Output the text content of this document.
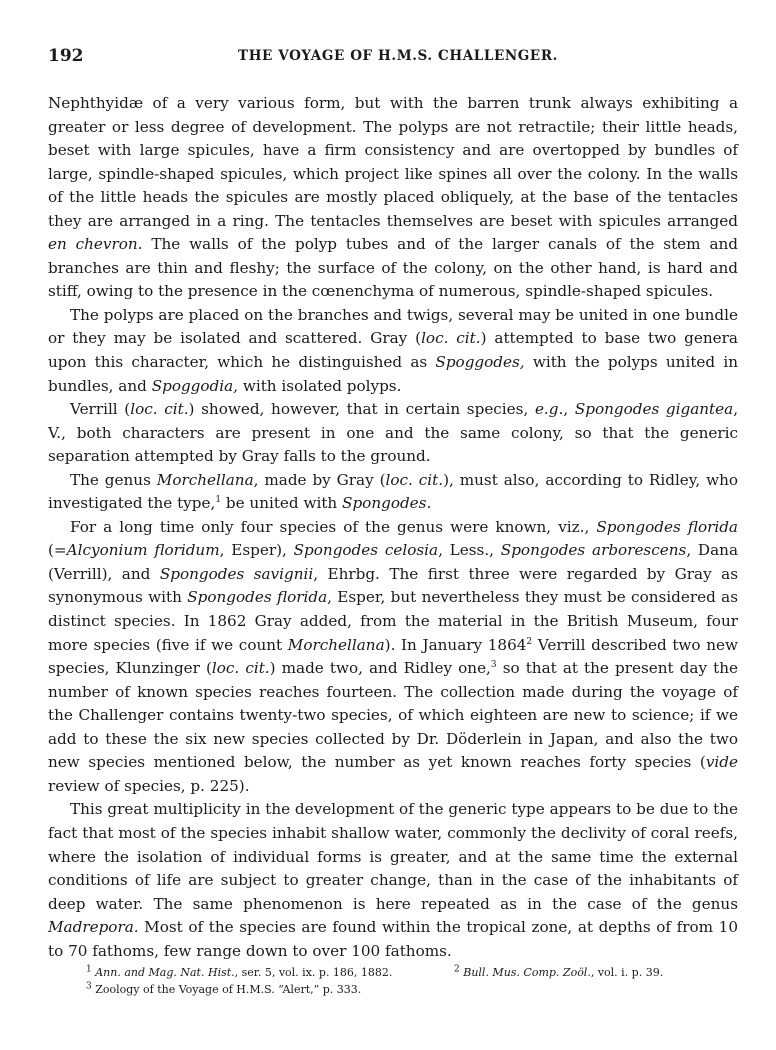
192	THE VOYAGE OF H.M.S. CHALLENGER.

Nephthyidæ of a very various form, but with the barren trunk always exhibiting a greater or less degree of development. The polyps are not retractile; their little heads, beset with large spicules, have a firm consistency and are overtopped by bundles of large, spindle-shaped spicules, which project like spines all over the colony. In the walls of the little heads the spicules are mostly placed obliquely, at the base of the tentacles they are arranged in a ring. The tentacles themselves are beset with spicules arranged en chevron. The walls of the polyp tubes and of the larger canals of the stem and branches are thin and fleshy; the surface of the colony, on the other hand, is hard and stiff, owing to the presence in the cœnenchyma of numerous, spindle-shaped spicules.

The polyps are placed on the branches and twigs, several may be united in one bundle or they may be isolated and scattered. Gray (loc. cit.) attempted to base two genera upon this character, which he distinguished as Spoggodes, with the polyps united in bundles, and Spoggodia, with isolated polyps.

Verrill (loc. cit.) showed, however, that in certain species, e.g., Spongodes gigantea, V., both characters are present in one and the same colony, so that the generic separation attempted by Gray falls to the ground.

The genus Morchellana, made by Gray (loc. cit.), must also, according to Ridley, who investigated the type,$^1$ be united with Spongodes.

For a long time only four species of the genus were known, viz., Spongodes florida (=Alcyonium floridum, Esper), Spongodes celosia, Less., Spongodes arborescens, Dana (Verrill), and Spongodes savignii, Ehrbg. The first three were regarded by Gray as synonymous with Spongodes florida, Esper, but nevertheless they must be considered as distinct species. In 1862 Gray added, from the material in the British Museum, four more species (five if we count Morchellana). In January 1864$^2$ Verrill described two new species, Klunzinger (loc. cit.) made two, and Ridley one,$^3$ so that at the present day the number of known species reaches fourteen. The collection made during the voyage of the Challenger contains twenty-two species, of which eighteen are new to science; if we add to these the six new species collected by Dr. Döderlein in Japan, and also the two new species mentioned below, the number as yet known reaches forty species (vide review of species, p. 225).

This great multiplicity in the development of the generic type appears to be due to the fact that most of the species inhabit shallow water, commonly the declivity of coral reefs, where the isolation of individual forms is greater, and at the same time the external conditions of life are subject to greater change, than in the case of the inhabitants of deep water. The same phenomenon is here repeated as in the case of the genus Madrepora. Most of the species are found within the tropical zone, at depths of from 10 to 70 fathoms, few range down to over 100 fathoms.

$^1$ Ann. and Mag. Nat. Hist., ser. 5, vol. ix. p. 186, 1882.	$^2$ Bull. Mus. Comp. Zoöl., vol. i. p. 39.
$^3$ Zoology of the Voyage of H.M.S. “Alert,” p. 333.
